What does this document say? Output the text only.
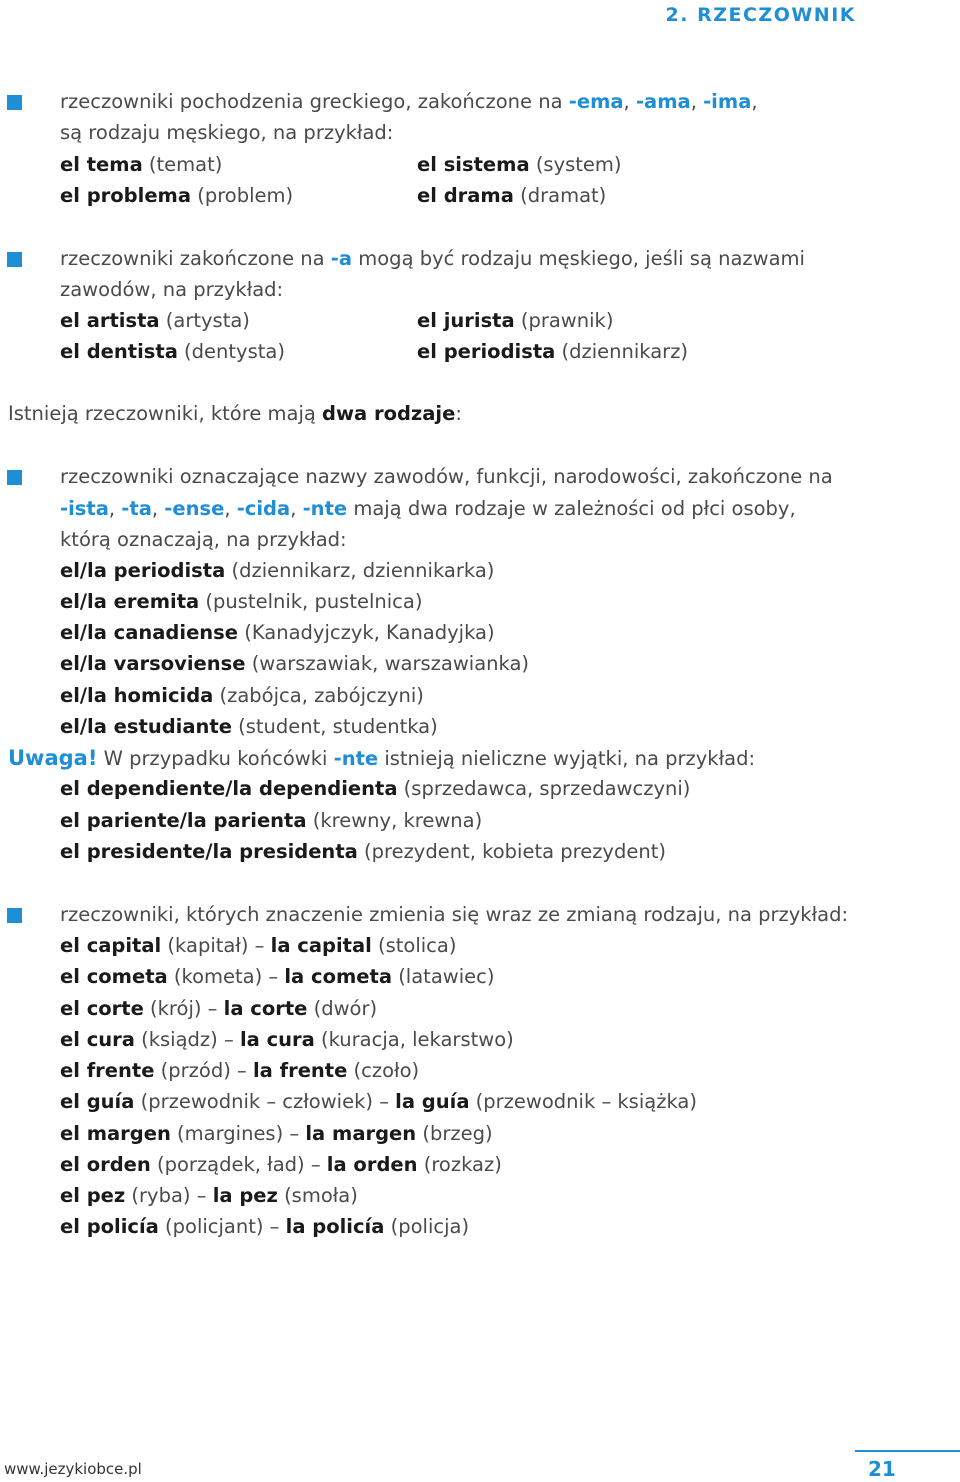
2. RZECZOWNIK
rzeczowniki pochodzenia greckiego, zakończone na -ema, -ama, -ima,
są rodzaju męskiego, na przykład:
el tema (temat)	el sistema (system)
el problema (problem)	el drama (dramat)
rzeczowniki zakończone na -a mogą być rodzaju męskiego, jeśli są nazwami
zawodów, na przykład:
el artista (artysta)	el jurista (prawnik)
el dentista (dentysta)	el periodista (dziennikarz)
Istnieją rzeczowniki, które mają dwa rodzaje:
rzeczowniki oznaczające nazwy zawodów, funkcji, narodowości, zakończone na
-ista, -ta, -ense, -cida, -nte mają dwa rodzaje w zależności od płci osoby,
którą oznaczają, na przykład:
el/la periodista (dziennikarz, dziennikarka)
el/la eremita (pustelnik, pustelnica)
el/la canadiense (Kanadyjczyk, Kanadyjka)
el/la varsoviense (warszawiak, warszawianka)
el/la homicida (zabójca, zabójczyni)
el/la estudiante (student, studentka)
Uwaga! W przypadku końcówki -nte istnieją nieliczne wyjątki, na przykład:
el dependiente/la dependienta (sprzedawca, sprzedawczyni)
el pariente/la parienta (krewny, krewna)
el presidente/la presidenta (prezydent, kobieta prezydent)
rzeczowniki, których znaczenie zmienia się wraz ze zmianą rodzaju, na przykład:
el capital (kapitał) – la capital (stolica)
el cometa (kometa) – la cometa (latawiec)
el corte (krój) – la corte (dwór)
el cura (ksiądz) – la cura (kuracja, lekarstwo)
el frente (przód) – la frente (czoło)
el guía (przewodnik – człowiek) – la guía (przewodnik – książka)
el margen (margines) – la margen (brzeg)
el orden (porządek, ład) – la orden (rozkaz)
el pez (ryba) – la pez (smoła)
el policía (policjant) – la policía (policja)
www.jezykiobce.pl	21
